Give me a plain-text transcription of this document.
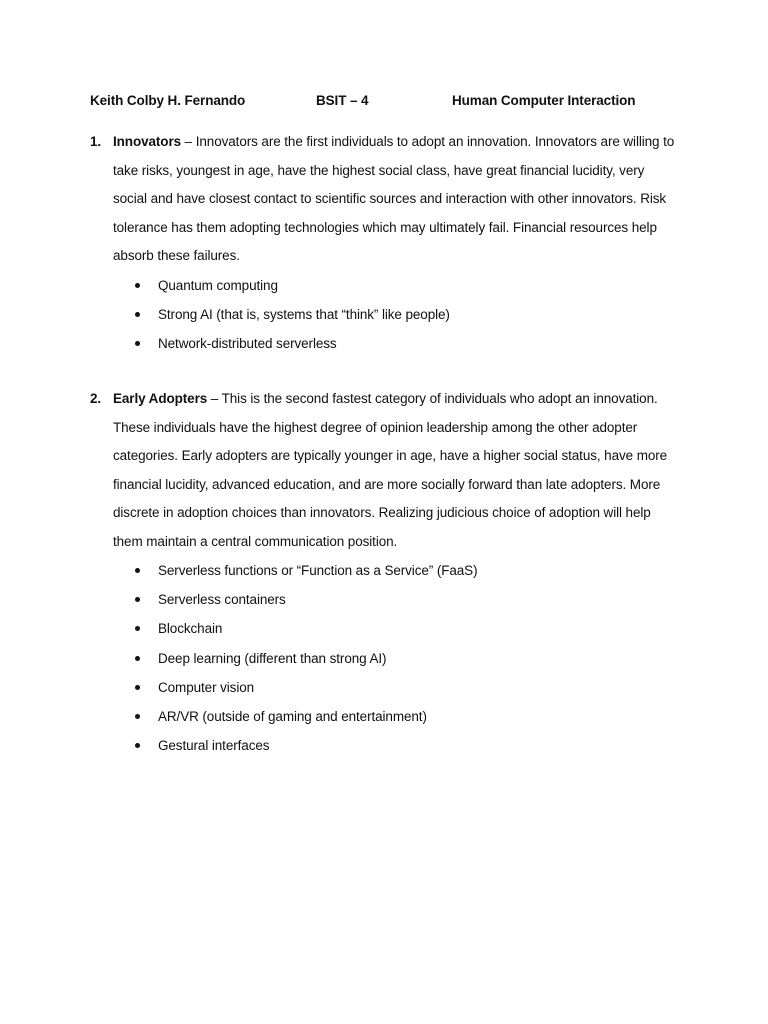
Keith Colby H. Fernando	BSIT – 4	Human Computer Interaction
1. Innovators – Innovators are the first individuals to adopt an innovation. Innovators are willing to take risks, youngest in age, have the highest social class, have great financial lucidity, very social and have closest contact to scientific sources and interaction with other innovators. Risk tolerance has them adopting technologies which may ultimately fail. Financial resources help absorb these failures.
Quantum computing
Strong AI (that is, systems that “think” like people)
Network-distributed serverless
2. Early Adopters – This is the second fastest category of individuals who adopt an innovation. These individuals have the highest degree of opinion leadership among the other adopter categories. Early adopters are typically younger in age, have a higher social status, have more financial lucidity, advanced education, and are more socially forward than late adopters. More discrete in adoption choices than innovators. Realizing judicious choice of adoption will help them maintain a central communication position.
Serverless functions or “Function as a Service” (FaaS)
Serverless containers
Blockchain
Deep learning (different than strong AI)
Computer vision
AR/VR (outside of gaming and entertainment)
Gestural interfaces
